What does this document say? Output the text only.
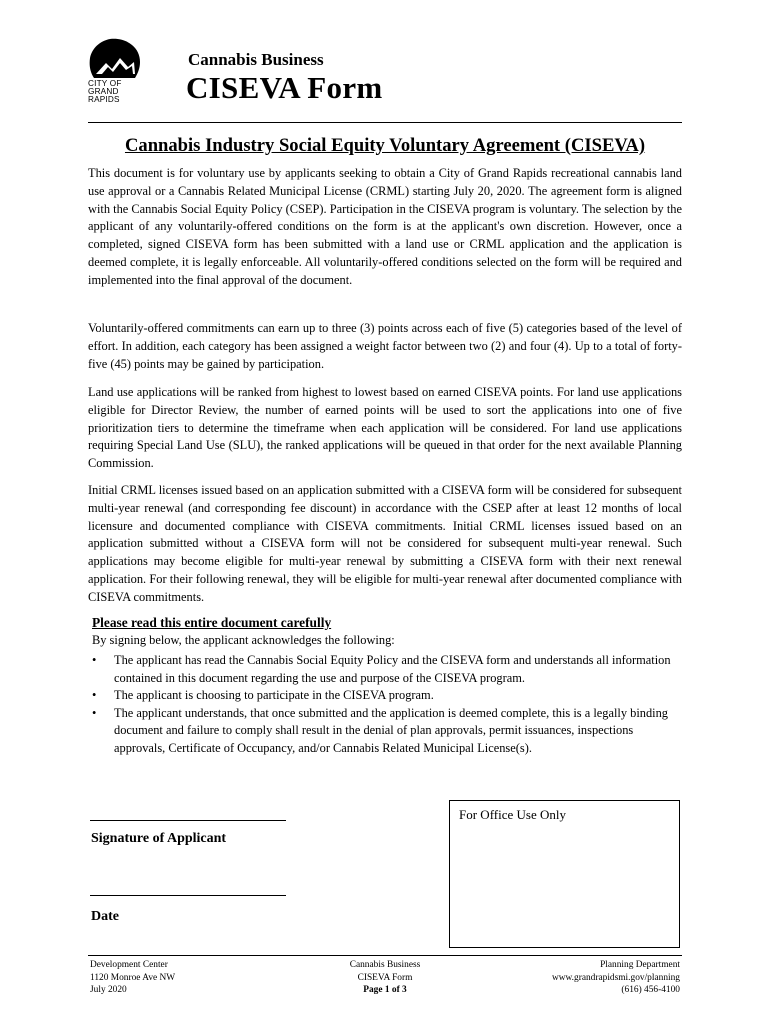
CITY OF
GRAND
RAPIDS
Cannabis Business
CISEVA Form
Cannabis Industry Social Equity Voluntary Agreement (CISEVA)
This document is for voluntary use by applicants seeking to obtain a City of Grand Rapids recreational cannabis land use approval or a Cannabis Related Municipal License (CRML) starting July 20, 2020. The agreement form is aligned with the Cannabis Social Equity Policy (CSEP). Participation in the CISEVA program is voluntary. The selection by the applicant of any voluntarily-offered conditions on the form is at the applicant's own discretion. However, once a completed, signed CISEVA form has been submitted with a land use or CRML application and the application is deemed complete, it is legally enforceable. All voluntarily-offered conditions selected on the form will be required and implemented into the final approval of the document.
Voluntarily-offered commitments can earn up to three (3) points across each of five (5) categories based of the level of effort. In addition, each category has been assigned a weight factor between two (2) and four (4). Up to a total of forty-five (45) points may be gained by participation.
Land use applications will be ranked from highest to lowest based on earned CISEVA points. For land use applications eligible for Director Review, the number of earned points will be used to sort the applications into one of five prioritization tiers to determine the timeframe when each application will be considered. For land use applications requiring Special Land Use (SLU), the ranked applications will be queued in that order for the next available Planning Commission.
Initial CRML licenses issued based on an application submitted with a CISEVA form will be considered for subsequent multi-year renewal (and corresponding fee discount) in accordance with the CSEP after at least 12 months of local licensure and documented compliance with CISEVA commitments. Initial CRML licenses issued based on an application submitted without a CISEVA form will not be considered for subsequent multi-year renewal. Such applications may become eligible for multi-year renewal by submitting a CISEVA form with their next renewal application. For their following renewal, they will be eligible for multi-year renewal after documented compliance with CISEVA commitments.
Please read this entire document carefully
By signing below, the applicant acknowledges the following:
• The applicant has read the Cannabis Social Equity Policy and the CISEVA form and understands all information contained in this document regarding the use and purpose of the CISEVA program.
• The applicant is choosing to participate in the CISEVA program.
• The applicant understands, that once submitted and the application is deemed complete, this is a legally binding document and failure to comply shall result in the denial of plan approvals, permit issuances, inspections approvals, Certificate of Occupancy, and/or Cannabis Related Municipal License(s).
Signature of Applicant
Date
For Office Use Only
Development Center
1120 Monroe Ave NW
July 2020
Cannabis Business
CISEVA Form
Page 1 of 3
Planning Department
www.grandrapidsmi.gov/planning
(616) 456-4100
